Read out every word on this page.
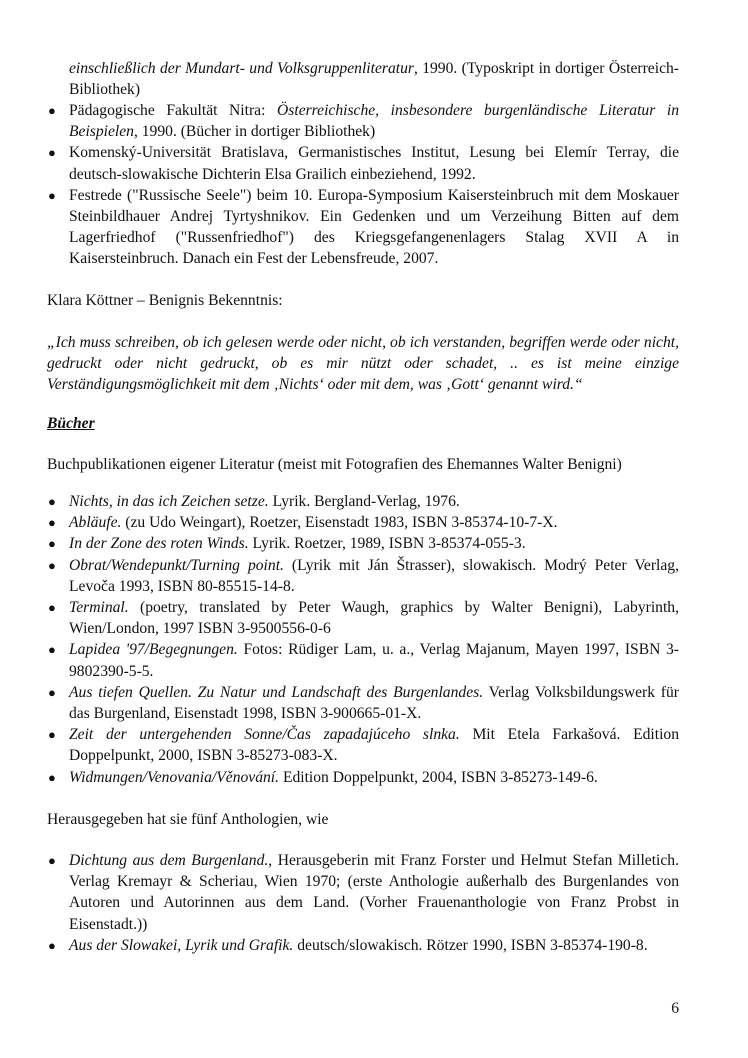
einschließlich der Mundart- und Volksgruppenliteratur, 1990. (Typoskript in dortiger Österreich-Bibliothek)

● Pädagogische Fakultät Nitra: Österreichische, insbesondere burgenländische Literatur in Beispielen, 1990. (Bücher in dortiger Bibliothek)
● Komenský-Universität Bratislava, Germanistisches Institut, Lesung bei Elemír Terray, die deutsch-slowakische Dichterin Elsa Grailich einbeziehend, 1992.
● Festrede ("Russische Seele") beim 10. Europa-Symposium Kaisersteinbruch mit dem Moskauer Steinbildhauer Andrej Tyrtyshnikov. Ein Gedenken und um Verzeihung Bitten auf dem Lagerfriedhof ("Russenfriedhof") des Kriegsgefangenenlagers Stalag XVII A in Kaisersteinbruch. Danach ein Fest der Lebensfreude, 2007.

Klara Köttner – Benignis Bekenntnis:

„Ich muss schreiben, ob ich gelesen werde oder nicht, ob ich verstanden, begriffen werde oder nicht, gedruckt oder nicht gedruckt, ob es mir nützt oder schadet, .. es ist meine einzige Verständigungsmöglichkeit mit dem ‚Nichts‘ oder mit dem, was ‚Gott‘ genannt wird.“

Bücher

Buchpublikationen eigener Literatur (meist mit Fotografien des Ehemannes Walter Benigni)

● Nichts, in das ich Zeichen setze. Lyrik. Bergland-Verlag, 1976.
● Abläufe. (zu Udo Weingart), Roetzer, Eisenstadt 1983, ISBN 3-85374-10-7-X.
● In der Zone des roten Winds. Lyrik. Roetzer, 1989, ISBN 3-85374-055-3.
● Obrat/Wendepunkt/Turning point. (Lyrik mit Ján Štrasser), slowakisch. Modrý Peter Verlag, Levoča 1993, ISBN 80-85515-14-8.
● Terminal. (poetry, translated by Peter Waugh, graphics by Walter Benigni), Labyrinth, Wien/London, 1997 ISBN 3-9500556-0-6
● Lapidea '97/Begegnungen. Fotos: Rüdiger Lam, u. a., Verlag Majanum, Mayen 1997, ISBN 3-9802390-5-5.
● Aus tiefen Quellen. Zu Natur und Landschaft des Burgenlandes. Verlag Volksbildungswerk für das Burgenland, Eisenstadt 1998, ISBN 3-900665-01-X.
● Zeit der untergehenden Sonne/Čas zapadajúceho slnka. Mit Etela Farkašová. Edition Doppelpunkt, 2000, ISBN 3-85273-083-X.
● Widmungen/Venovania/Věnování. Edition Doppelpunkt, 2004, ISBN 3-85273-149-6.

Herausgegeben hat sie fünf Anthologien, wie

● Dichtung aus dem Burgenland., Herausgeberin mit Franz Forster und Helmut Stefan Milletich. Verlag Kremayr & Scheriau, Wien 1970; (erste Anthologie außerhalb des Burgenlandes von Autoren und Autorinnen aus dem Land. (Vorher Frauenanthologie von Franz Probst in Eisenstadt.))
● Aus der Slowakei, Lyrik und Grafik. deutsch/slowakisch. Rötzer 1990, ISBN 3-85374-190-8.
6
